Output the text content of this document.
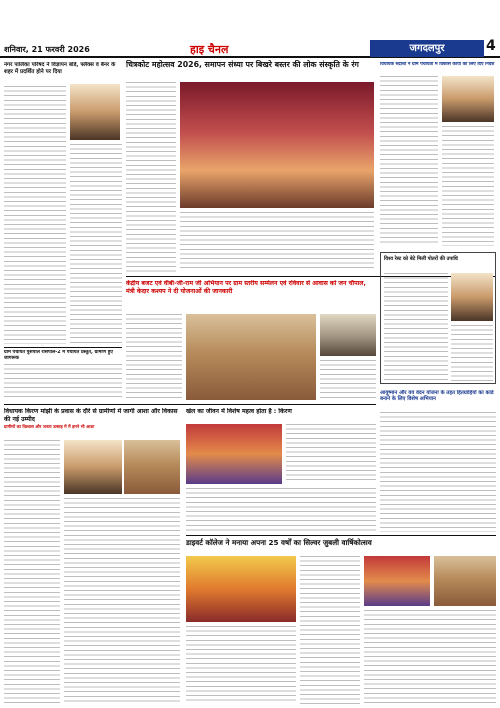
शनिवार, 21 फरवरी 2026	हाइ चैनल	जगदलपुर	4
नगर पालिका परिषद ने विज्ञापन बोर्ड, फ्लैक्स व बैनर के शहर में प्रदर्शित होने पर दिया
चित्रकोट महोत्सव 2026, समापन संध्या पर बिखरे बस्तर की लोक संस्कृति के रंग	विधायक रुद्रांशी ने ग्राम पंचायतों में विकास कार्यों को लिए दिए निर्देश
केंद्रीय बजट एवं वीबी-जी-राम जी अभियान पर ग्राम स्तरीय सम्मेलन एवं रविवार से आवास को जन चौपाल, मंत्री केदार कश्यप ने दी योजनाओं की जानकारी
विश्व रेस्ट को बेटे मिलीं पोतरों की उपाधि
ग्राम पंचायत पुसपाल रासपाल-2 में पंचायत प्रस्तुत, ग्रामीण हुए जागरूक
विधायक किरण मांझी के प्रवास के दौरे से ग्रामीणों में जागी आशा और विकास की नई उम्मीद
ग्रामीणों का विश्वास और जनता उत्साह में मैं हमने भी आशा
खेल का जीवन में विशेष महत्व होता है : किरण
आयुष्मान और वय वंदन योजना के तहत हितग्राहियों का कार्ड बनाने के लिए विशेष अभियान
डाइवर्ट कॉलेज ने मनाया अपना 25 वर्षों का सिल्वर जुबली वार्षिकोत्सव
